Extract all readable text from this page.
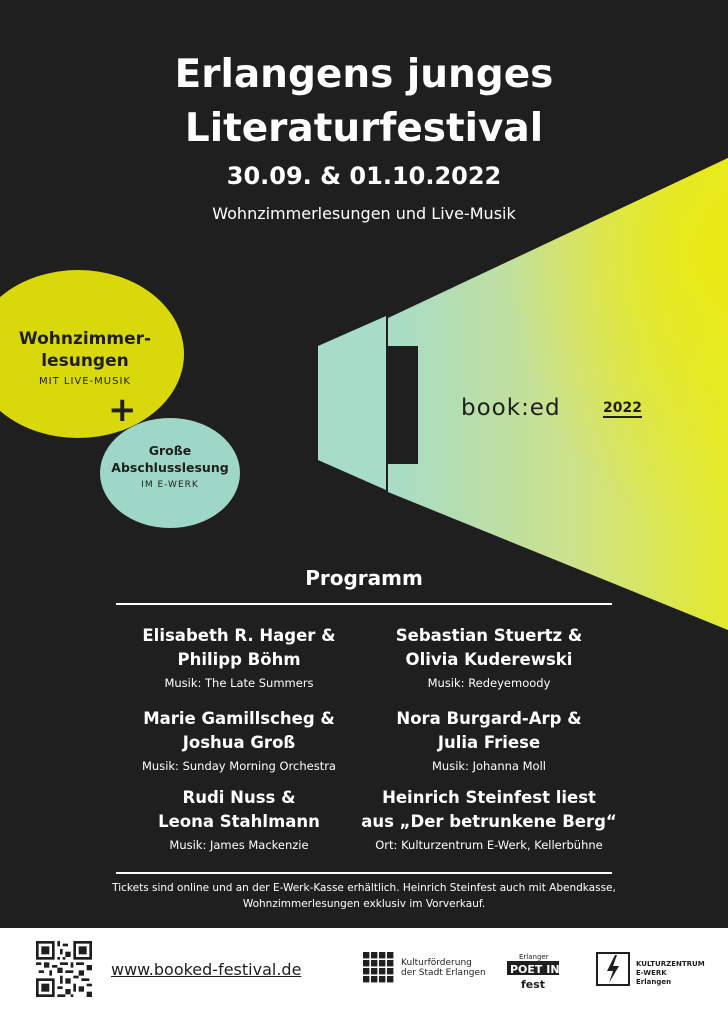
Erlangens junges
Literaturfestival
30.09. & 01.10.2022
Wohnzimmerlesungen und Live-Musik
Wohnzimmer-
lesungen
MIT LIVE-MUSIK
Große
Abschlusslesung
IM E-WERK
+	book:ed	2022
Programm
Elisabeth R. Hager &
Philipp Böhm
Musik: The Late Summers
Sebastian Stuertz &
Olivia Kuderewski
Musik: Redeyemoody
Marie Gamillscheg &
Joshua Groß
Musik: Sunday Morning Orchestra
Nora Burgard-Arp &
Julia Friese
Musik: Johanna Moll
Rudi Nuss &
Leona Stahlmann
Musik: James Mackenzie
Heinrich Steinfest liest
aus „Der betrunkene Berg“
Ort: Kulturzentrum E-Werk, Kellerbühne
Tickets sind online und an der E-Werk-Kasse erhältlich. Heinrich Steinfest auch mit Abendkasse,
Wohnzimmerlesungen exklusiv im Vorverkauf.
www.booked-festival.de	Kulturförderung
der Stadt Erlangen
Erlanger
POET IN
fest
KULTURZENTRUM
E-WERK
Erlangen
